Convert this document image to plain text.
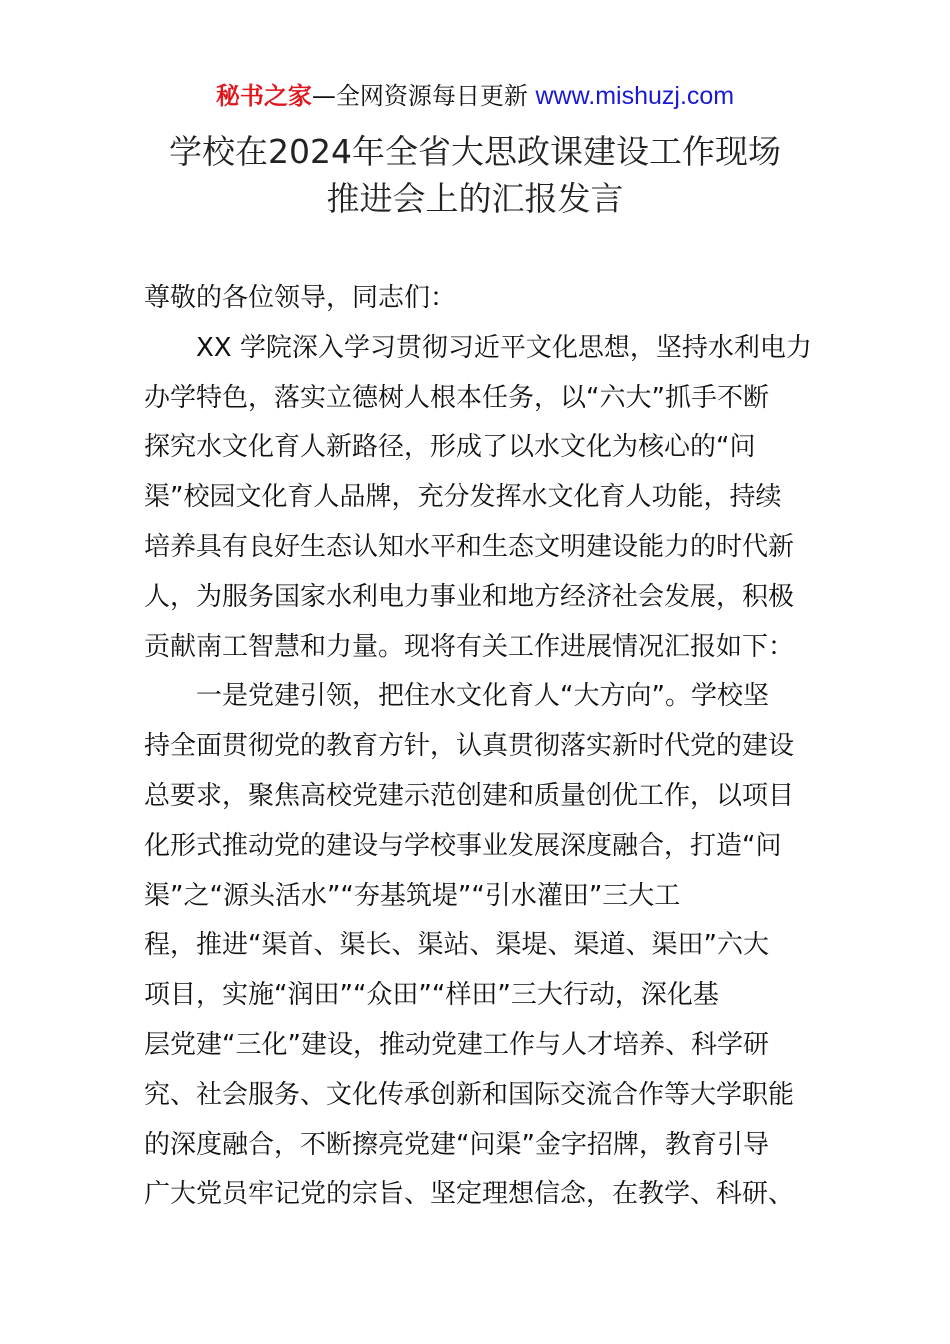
秘书之家—全网资源每日更新 www.mishuzj.com
学校在2024年全省大思政课建设工作现场
推进会上的汇报发言
尊敬的各位领导，同志们：
XX 学院深入学习贯彻习近平文化思想，坚持水利电力
办学特色，落实立德树人根本任务，以“六大”抓手不断
探究水文化育人新路径，形成了以水文化为核心的“问
渠”校园文化育人品牌，充分发挥水文化育人功能，持续
培养具有良好生态认知水平和生态文明建设能力的时代新
人，为服务国家水利电力事业和地方经济社会发展，积极
贡献南工智慧和力量。现将有关工作进展情况汇报如下：
一是党建引领，把住水文化育人“大方向”。学校坚
持全面贯彻党的教育方针，认真贯彻落实新时代党的建设
总要求，聚焦高校党建示范创建和质量创优工作，以项目
化形式推动党的建设与学校事业发展深度融合，打造“问
渠”之“源头活水”“夯基筑堤”“引水灌田”三大工
程，推进“渠首、渠长、渠站、渠堤、渠道、渠田”六大
项目，实施“润田”“众田”“样田”三大行动，深化基
层党建“三化”建设，推动党建工作与人才培养、科学研
究、社会服务、文化传承创新和国际交流合作等大学职能
的深度融合，不断擦亮党建“问渠”金字招牌，教育引导
广大党员牢记党的宗旨、坚定理想信念，在教学、科研、
